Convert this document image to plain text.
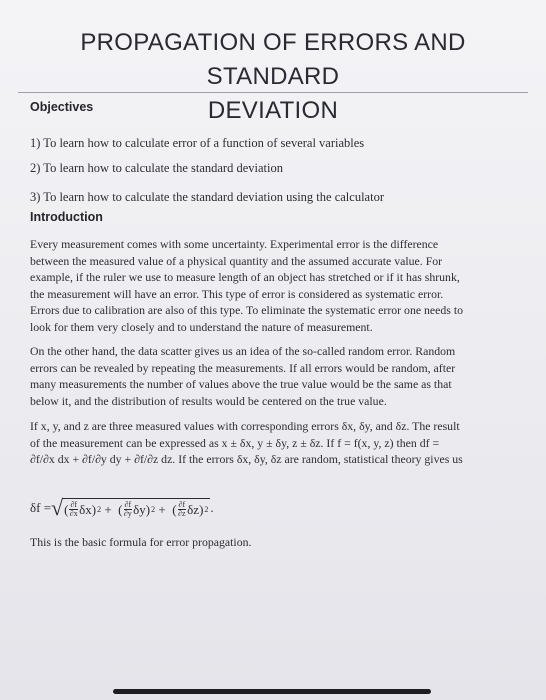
PROPAGATION OF ERRORS AND STANDARD
DEVIATION
Objectives
1) To learn how to calculate error of a function of several variables
2) To learn how to calculate the standard deviation
3) To learn how to calculate the standard deviation using the calculator
Introduction
Every measurement comes with some uncertainty. Experimental error is the difference
between the measured value of a physical quantity and the assumed accurate value. For
example, if the ruler we use to measure length of an object has stretched or if it has shrunk,
the measurement will have an error. This type of error is considered as systematic error.
Errors due to calibration are also of this type. To eliminate the systematic error one needs to
look for them very closely and to understand the nature of measurement.
On the other hand, the data scatter gives us an idea of the so-called random error. Random
errors can be revealed by repeating the measurements. If all errors would be random, after
many measurements the number of values above the true value would be the same as that
below it, and the distribution of results would be centered on the true value.
If x, y, and z are three measured values with corresponding errors δx, δy, and δz. The result
of the measurement can be expressed as x ± δx, y ± δy, z ± δz. If f = f(x, y, z) then df =
∂f/∂x dx + ∂f/∂y dy + ∂f/∂z dz. If the errors δx, δy, δz are random, statistical theory gives us
δf = √ ( $\frac{\partial f}{\partial x}$ δx ) 2 +  ( $\frac{\partial f}{\partial y}$ δy ) 2 +  ( $\frac{\partial f}{\partial z}$ δz ) 2 .
This is the basic formula for error propagation.
